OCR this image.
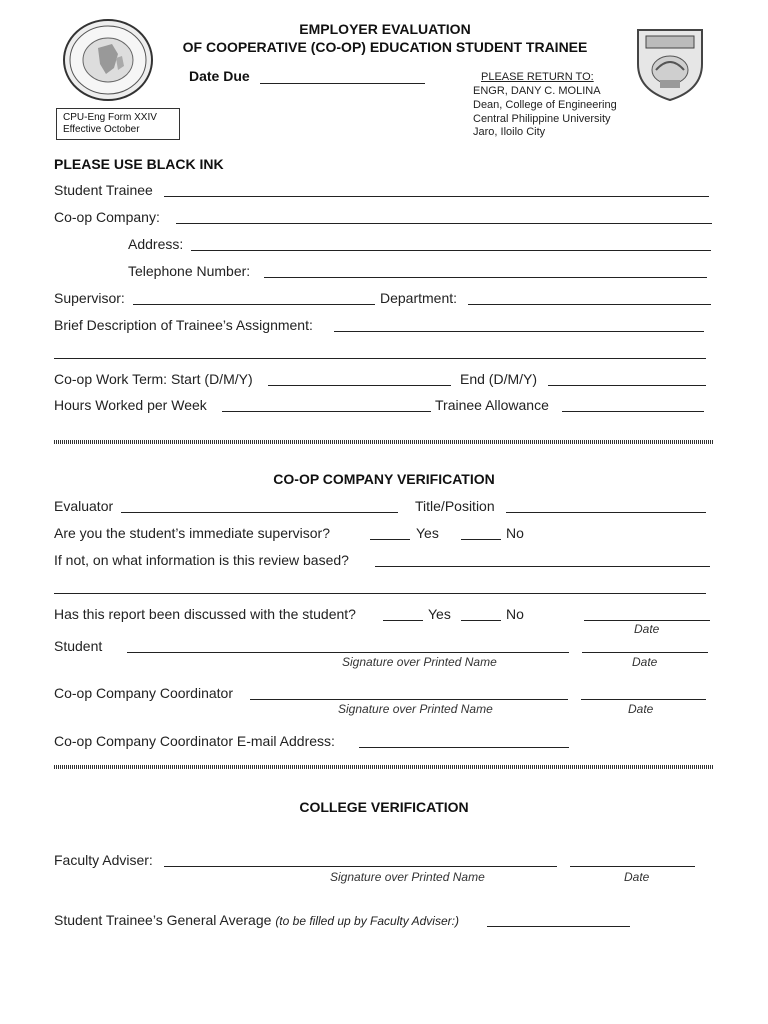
EMPLOYER EVALUATION
OF COOPERATIVE (CO-OP) EDUCATION STUDENT TRAINEE
Date Due	PLEASE RETURN TO:
ENGR, DANY C. MOLINA
Dean, College of Engineering
Central Philippine University
Jaro, Iloilo City
CPU-Eng Form XXIV
Effective October
PLEASE USE BLACK INK
Student Trainee
Co-op Company:
Address:
Telephone Number:
Supervisor:	Department:
Brief Description of Trainee’s Assignment:
Co-op Work Term: Start (D/M/Y)	End (D/M/Y)
Hours Worked per Week	Trainee Allowance
CO-OP COMPANY VERIFICATION
Evaluator	Title/Position
Are you the student’s immediate supervisor?	Yes	No
If not, on what information is this review based?
Has this report been discussed with the student?	Yes	No
Date
Student
Signature over Printed Name	Date
Co-op Company Coordinator
Signature over Printed Name	Date
Co-op Company Coordinator E-mail Address:
COLLEGE VERIFICATION
Faculty Adviser:
Signature over Printed Name	Date
Student Trainee’s General Average (to be filled up by Faculty Adviser:)
